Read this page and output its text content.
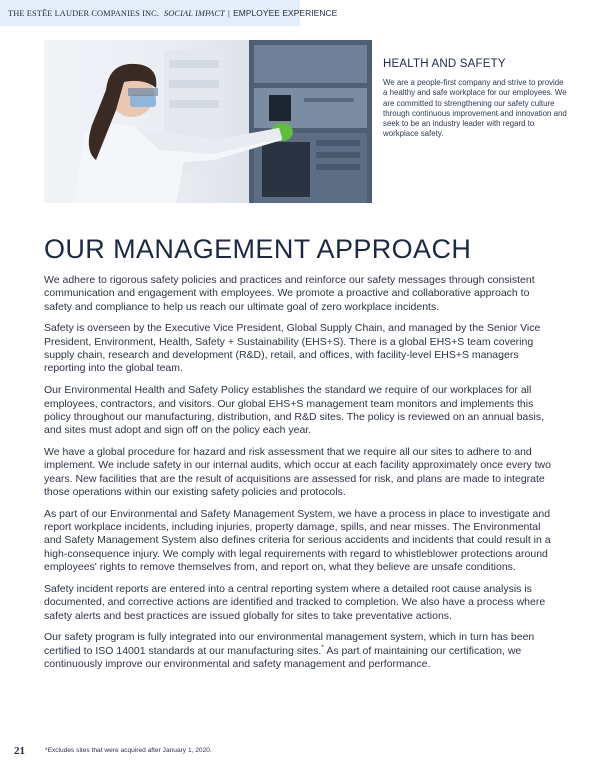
THE ESTĒE LAUDER COMPANIES INC. SOCIAL IMPACT | EMPLOYEE EXPERIENCE
HEALTH AND SAFETY
We are a people-first company and strive to provide a healthy and safe workplace for our employees. We are committed to strengthening our safety culture through continuous improvement and innovation and seek to be an industry leader with regard to workplace safety.
OUR MANAGEMENT APPROACH

We adhere to rigorous safety policies and practices and reinforce our safety messages through consistent communication and engagement with employees. We promote a proactive and collaborative approach to safety and compliance to help us reach our ultimate goal of zero workplace incidents.

Safety is overseen by the Executive Vice President, Global Supply Chain, and managed by the Senior Vice President, Environment, Health, Safety + Sustainability (EHS+S). There is a global EHS+S team covering supply chain, research and development (R&D), retail, and offices, with facility-level EHS+S managers reporting into the global team.

Our Environmental Health and Safety Policy establishes the standard we require of our workplaces for all employees, contractors, and visitors. Our global EHS+S management team monitors and implements this policy throughout our manufacturing, distribution, and R&D sites. The policy is reviewed on an annual basis, and sites must adopt and sign off on the policy each year.

We have a global procedure for hazard and risk assessment that we require all our sites to adhere to and implement. We include safety in our internal audits, which occur at each facility approximately once every two years. New facilities that are the result of acquisitions are assessed for risk, and plans are made to integrate those operations within our existing safety policies and protocols.

As part of our Environmental and Safety Management System, we have a process in place to investigate and report workplace incidents, including injuries, property damage, spills, and near misses. The Environmental and Safety Management System also defines criteria for serious accidents and incidents that could result in a high-consequence injury. We comply with legal requirements with regard to whistleblower protections around employees' rights to remove themselves from, and report on, what they believe are unsafe conditions.

Safety incident reports are entered into a central reporting system where a detailed root cause analysis is documented, and corrective actions are identified and tracked to completion. We also have a process where safety alerts and best practices are issued globally for sites to take preventative actions.

Our safety program is fully integrated into our environmental management system, which in turn has been certified to ISO 14001 standards at our manufacturing sites.* As part of maintaining our certification, we continuously improve our environmental and safety management and performance.

21	*Excludes sites that were acquired after January 1, 2020.
